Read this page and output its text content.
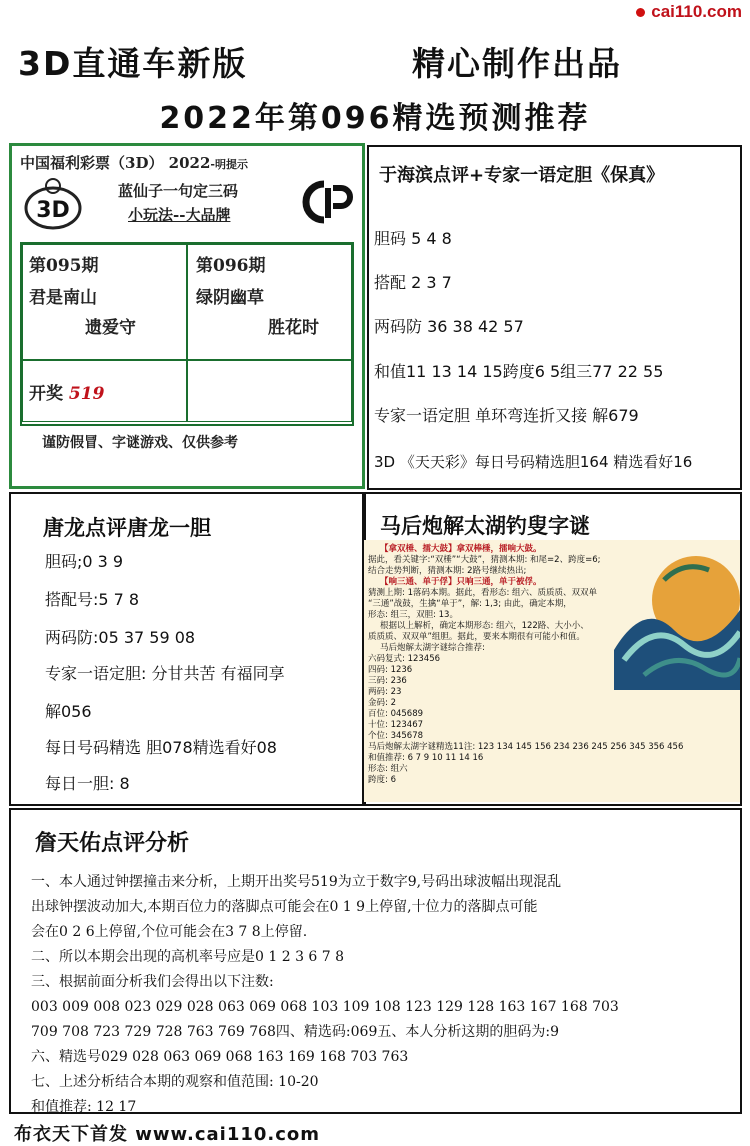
cai110.com
3D直通车新版	精心制作出品
2022年第096精选预测推荐
中国福利彩票（3D） 2022-明提示
3D
蓝仙子一句定三码
小玩法--大品牌
第095期
君是南山
遗爱守
第096期
绿阴幽草
胜花时
开奖 519
谨防假冒、字谜游戏、仅供参考
于海滨点评+专家一语定胆《保真》
胆码 5 4 8
搭配 2 3 7
两码防 36 38 42 57
和值11 13 14 15跨度6 5组三77 22 55
专家一语定胆 单环弯连折又接 解679
3D 《天天彩》每日号码精选胆164 精选看好16
唐龙点评唐龙一胆
胆码;0 3 9
搭配号:5 7 8
两码防:05 37 59 08
专家一语定胆: 分甘共苦 有福同享
解056
每日号码精选 胆078精选看好08
每日一胆: 8
马后炮解太湖钓叟字谜
【拿双棰、擂大鼓】拿双棒棰，擂响大鼓。
据此，看关键字:“双棰”“大鼓”，猜测本期: 和尾=2、跨度=6;
结合走势判断，猜测本期: 2路号继续热出;
【响三通、单于俘】只响三通，单于被俘。
猜测上期: 1落码本期。据此，看形态: 组六、质质质、双双单
“三通”战鼓，生擒“单于”，解: 1,3; 由此，确定本期，
形态: 组三，双胆: 13。
根据以上解析，确定本期形态: 组六，122路、大小小、
质质质、双双单”组胆。据此，要来本期很有可能小和值。
马后炮解太湖字谜综合推荐:
六码复式: 123456
四码: 1236
三码: 236
两码: 23
金码: 2
百位: 045689
十位: 123467
个位: 345678
马后炮解太湖字谜精选11注: 123 134 145 156 234 236 245 256 345 356 456
和值推荐: 6 7 9 10 11 14 16
形态: 组六
跨度: 6
詹天佑点评分析
一、本人通过钟摆撞击来分析，上期开出奖号519为立于数字9,号码出球波幅出现混乱
出球钟摆波动加大,本期百位力的落脚点可能会在0 1 9上停留,十位力的落脚点可能
会在0 2 6上停留,个位可能会在3 7 8上停留.
二、所以本期会出现的高机率号应是0 1 2 3 6 7 8
三、根据前面分析我们会得出以下注数:
003 009 008 023 029 028 063 069 068 103 109 108 123 129 128 163 167 168 703
709 708 723 729 728 763 769 768四、精选码:069五、本人分析这期的胆码为:9
六、精选号029 028 063 069 068 163 169 168 703 763
七、上述分析结合本期的观察和值范围: 10-20
和值推荐: 12 17
布衣天下首发 www.cai110.com
